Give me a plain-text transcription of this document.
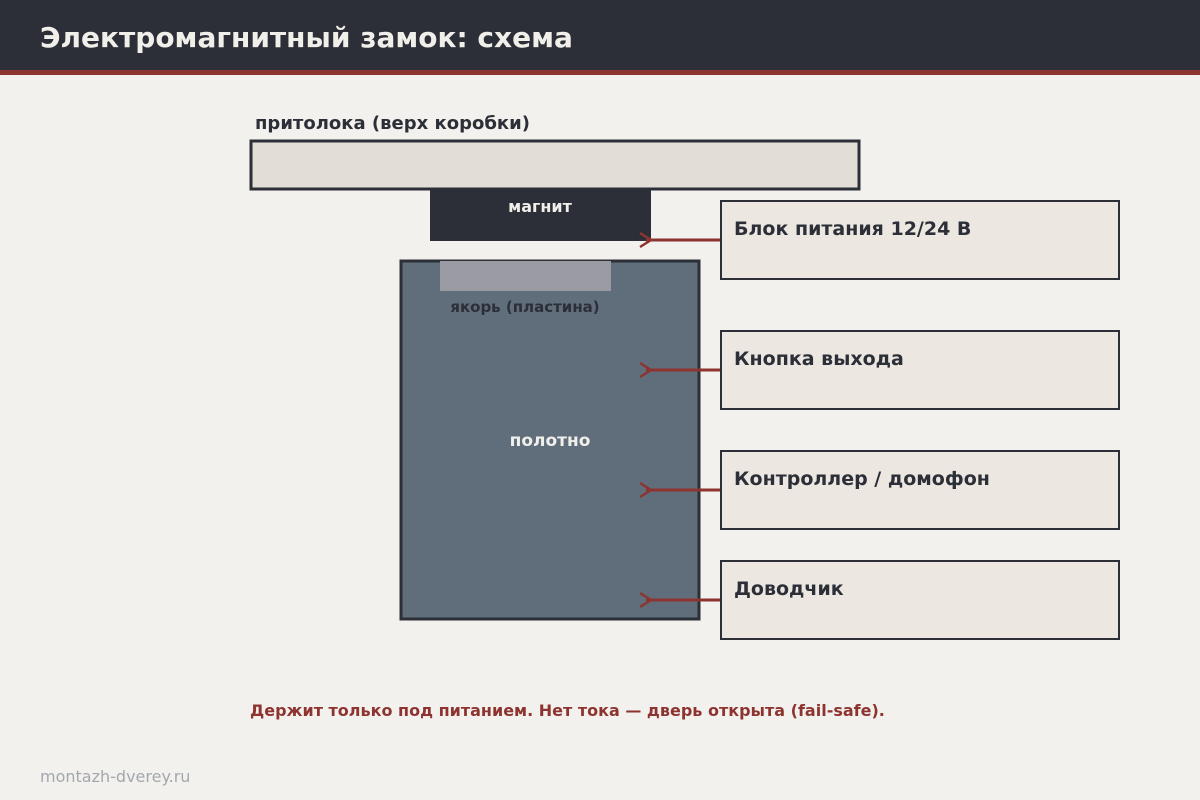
Электромагнитный замок: схема
притолока (верх коробки)
магнит
якорь (пластина)
полотно
Блок питания 12/24 В
Кнопка выхода
Контроллер / домофон
Доводчик
Держит только под питанием. Нет тока — дверь открыта (fail-safe).
montazh-dverey.ru
